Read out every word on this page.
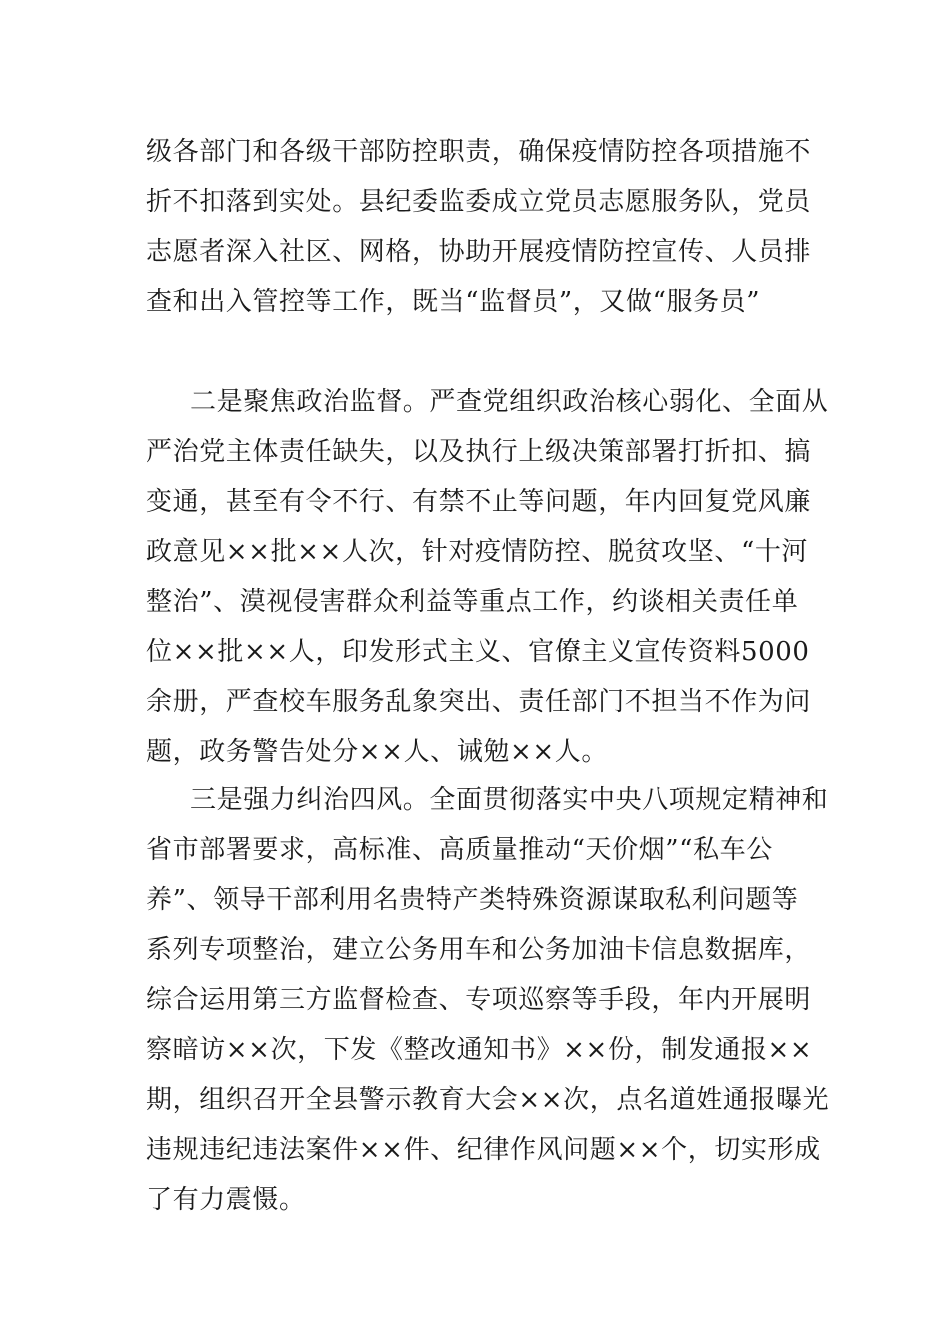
级各部门和各级干部防控职责，确保疫情防控各项措施不
折不扣落到实处。县纪委监委成立党员志愿服务队，党员
志愿者深入社区、网格，协助开展疫情防控宣传、人员排
查和出入管控等工作，既当“监督员”，又做“服务员”
二是聚焦政治监督。严查党组织政治核心弱化、全面从
严治党主体责任缺失，以及执行上级决策部署打折扣、搞
变通，甚至有令不行、有禁不止等问题，年内回复党风廉
政意见××批××人次，针对疫情防控、脱贫攻坚、“十河
整治”、漠视侵害群众利益等重点工作，约谈相关责任单
位××批××人，印发形式主义、官僚主义宣传资料5000
余册，严查校车服务乱象突出、责任部门不担当不作为问
题，政务警告处分××人、诫勉××人。
三是强力纠治四风。全面贯彻落实中央八项规定精神和
省市部署要求，高标准、高质量推动“天价烟”“私车公
养”、领导干部利用名贵特产类特殊资源谋取私利问题等
系列专项整治，建立公务用车和公务加油卡信息数据库，
综合运用第三方监督检查、专项巡察等手段，年内开展明
察暗访××次，下发《整改通知书》××份，制发通报××
期，组织召开全县警示教育大会××次，点名道姓通报曝光
违规违纪违法案件××件、纪律作风问题××个，切实形成
了有力震慑。
